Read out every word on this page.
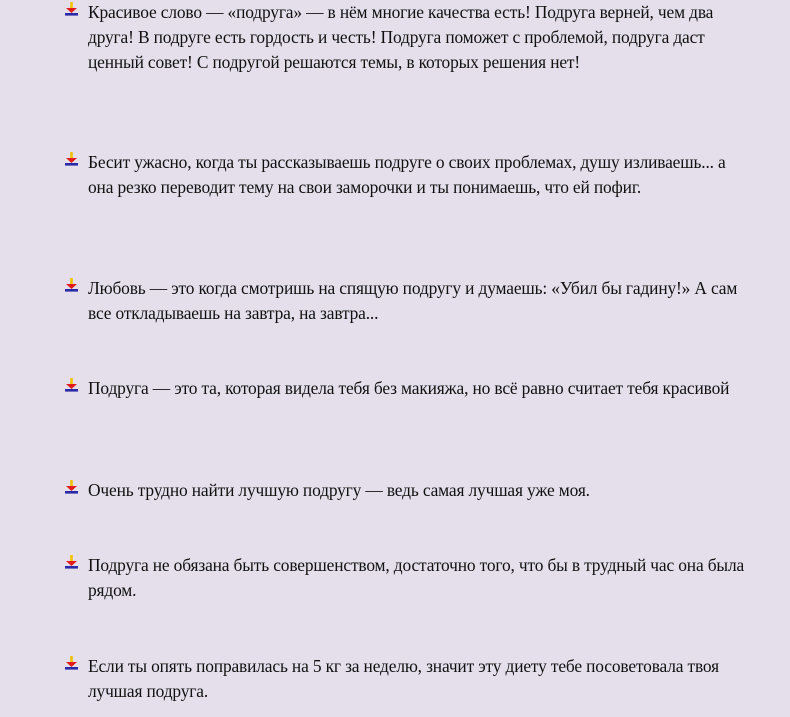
Красивое слово — «подруга» — в нём многие качества есть! Подруга верней, чем два друга! В подруге есть гордость и честь! Подруга поможет с проблемой, подруга даст ценный совет! С подругой решаются темы, в которых решения нет!
Бесит ужасно, когда ты рассказываешь подруге о своих проблемах, душу изливаешь... а она резко переводит тему на свои заморочки и ты понимаешь, что ей пофиг.
Любовь — это когда смотришь на спящую подругу и думаешь: «Убил бы гадину!» А сам все откладываешь на завтра, на завтра...
Подруга — это та, которая видела тебя без макияжа, но всё равно считает тебя красивой
Очень трудно найти лучшую подругу — ведь самая лучшая уже моя.
Подруга не обязана быть совершенством, достаточно того, что бы в трудный час она была рядом.
Если ты опять поправилась на 5 кг за неделю, значит эту диету тебе посоветовала твоя лучшая подруга.
